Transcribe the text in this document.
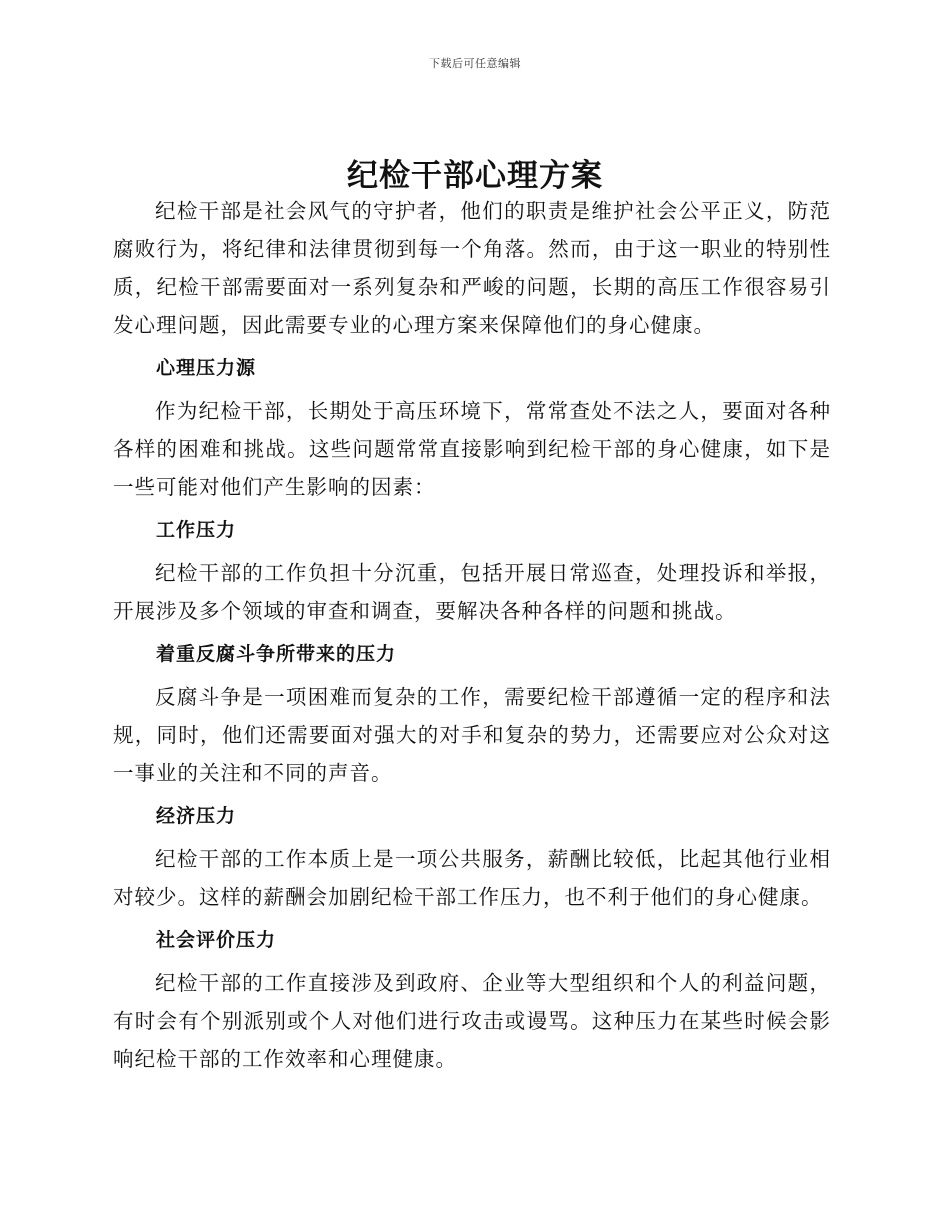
下载后可任意编辑
纪检干部心理方案

纪检干部是社会风气的守护者，他们的职责是维护社会公平正义，防范腐败行为，将纪律和法律贯彻到每一个角落。然而，由于这一职业的特别性质，纪检干部需要面对一系列复杂和严峻的问题，长期的高压工作很容易引发心理问题，因此需要专业的心理方案来保障他们的身心健康。

心理压力源

作为纪检干部，长期处于高压环境下，常常查处不法之人，要面对各种各样的困难和挑战。这些问题常常直接影响到纪检干部的身心健康，如下是一些可能对他们产生影响的因素：

工作压力

纪检干部的工作负担十分沉重，包括开展日常巡查，处理投诉和举报，开展涉及多个领域的审查和调查，要解决各种各样的问题和挑战。

着重反腐斗争所带来的压力

反腐斗争是一项困难而复杂的工作，需要纪检干部遵循一定的程序和法规，同时，他们还需要面对强大的对手和复杂的势力，还需要应对公众对这一事业的关注和不同的声音。

经济压力

纪检干部的工作本质上是一项公共服务，薪酬比较低，比起其他行业相对较少。这样的薪酬会加剧纪检干部工作压力，也不利于他们的身心健康。

社会评价压力

纪检干部的工作直接涉及到政府、企业等大型组织和个人的利益问题，有时会有个别派别或个人对他们进行攻击或谩骂。这种压力在某些时候会影响纪检干部的工作效率和心理健康。
